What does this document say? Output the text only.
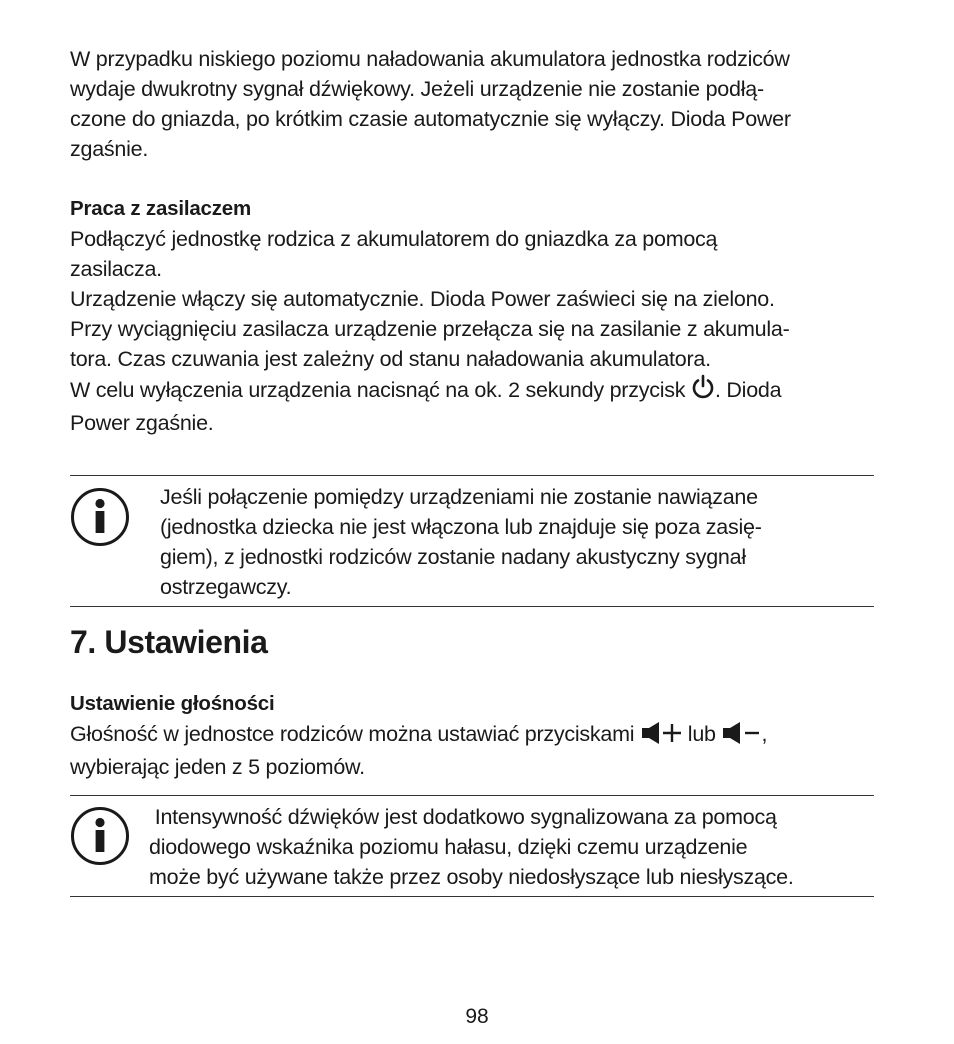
W przypadku niskiego poziomu naładowania akumulatora jednostka rodziców

wydaje dwukrotny sygnał dźwiękowy. Jeżeli urządzenie nie zostanie podłą-

czone do gniazda, po krótkim czasie automatycznie się wyłączy. Dioda Power

zgaśnie.

Praca z zasilaczem

Podłączyć jednostkę rodzica z akumulatorem do gniazdka za pomocą

zasilacza.

Urządzenie włączy się automatycznie. Dioda Power zaświeci się na zielono.

Przy wyciągnięciu zasilacza urządzenie przełącza się na zasilanie z akumula-

tora. Czas czuwania jest zależny od stanu naładowania akumulatora.

W celu wyłączenia urządzenia nacisnąć na ok. 2 sekundy przycisk . Dioda

Power zgaśnie.

Jeśli połączenie pomiędzy urządzeniami nie zostanie nawiązane

(jednostka dziecka nie jest włączona lub znajduje się poza zasię-

giem), z jednostki rodziców zostanie nadany akustyczny sygnał

ostrzegawczy.

7. Ustawienia

Ustawienie głośności

Głośność w jednostce rodziców można ustawiać przyciskami  lub ,

wybierając jeden z 5 poziomów.

Intensywność dźwięków jest dodatkowo sygnalizowana za pomocą

diodowego wskaźnika poziomu hałasu, dzięki czemu urządzenie

może być używane także przez osoby niedosłyszące lub niesłyszące.

98
